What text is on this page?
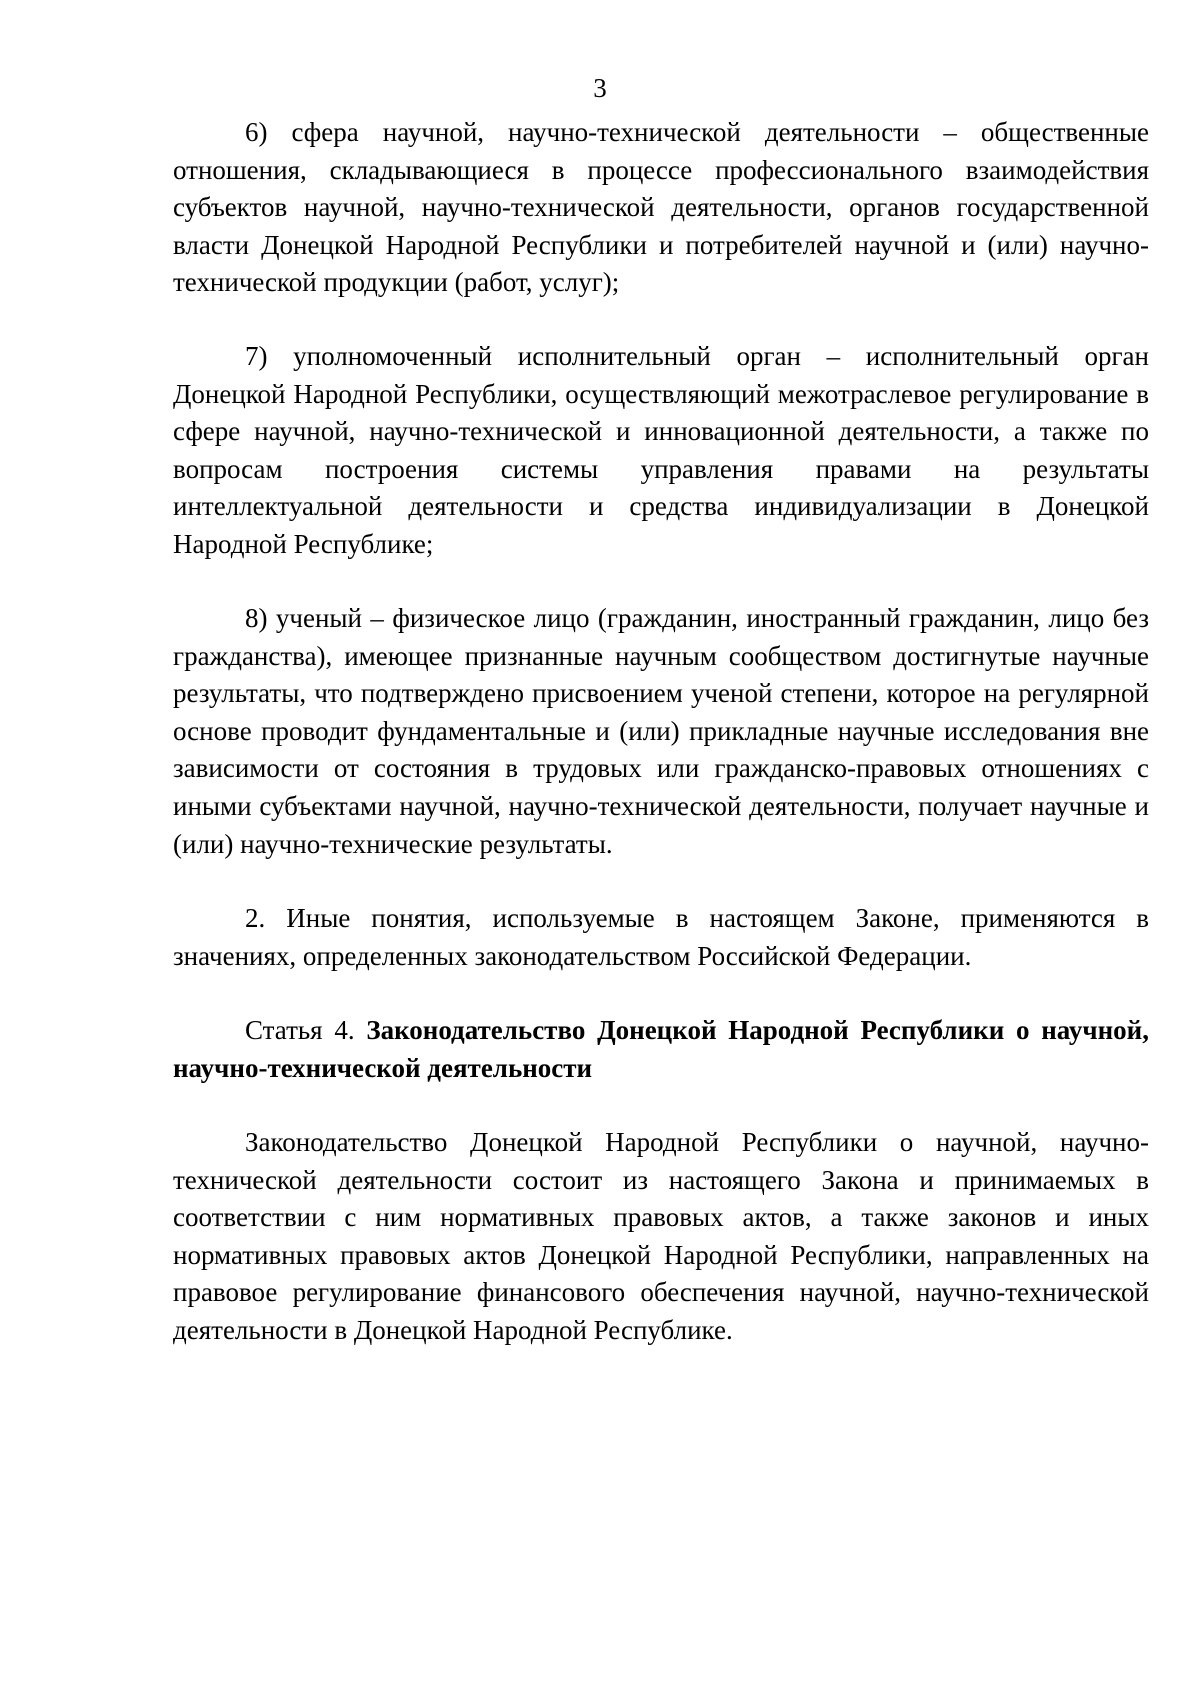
3

6) сфера научной, научно-технической деятельности – общественные отношения, складывающиеся в процессе профессионального взаимодействия субъектов научной, научно-технической деятельности, органов государственной власти Донецкой Народной Республики и потребителей научной и (или) научно-технической продукции (работ, услуг);

7) уполномоченный исполнительный орган – исполнительный орган Донецкой Народной Республики, осуществляющий межотраслевое регулирование в сфере научной, научно-технической и инновационной деятельности, а также по вопросам построения системы управления правами на результаты интеллектуальной деятельности и средства индивидуализации в Донецкой Народной Республике;

8) ученый – физическое лицо (гражданин, иностранный гражданин, лицо без гражданства), имеющее признанные научным сообществом достигнутые научные результаты, что подтверждено присвоением ученой степени, которое на регулярной основе проводит фундаментальные и (или) прикладные научные исследования вне зависимости от состояния в трудовых или гражданско-правовых отношениях с иными субъектами научной, научно-технической деятельности, получает научные и (или) научно-технические результаты.

2. Иные понятия, используемые в настоящем Законе, применяются в значениях, определенных законодательством Российской Федерации.

Статья 4. Законодательство Донецкой Народной Республики о научной, научно-технической деятельности

Законодательство Донецкой Народной Республики о научной, научно-технической деятельности состоит из настоящего Закона и принимаемых в соответствии с ним нормативных правовых актов, а также законов и иных нормативных правовых актов Донецкой Народной Республики, направленных на правовое регулирование финансового обеспечения научной, научно-технической деятельности в Донецкой Народной Республике.
